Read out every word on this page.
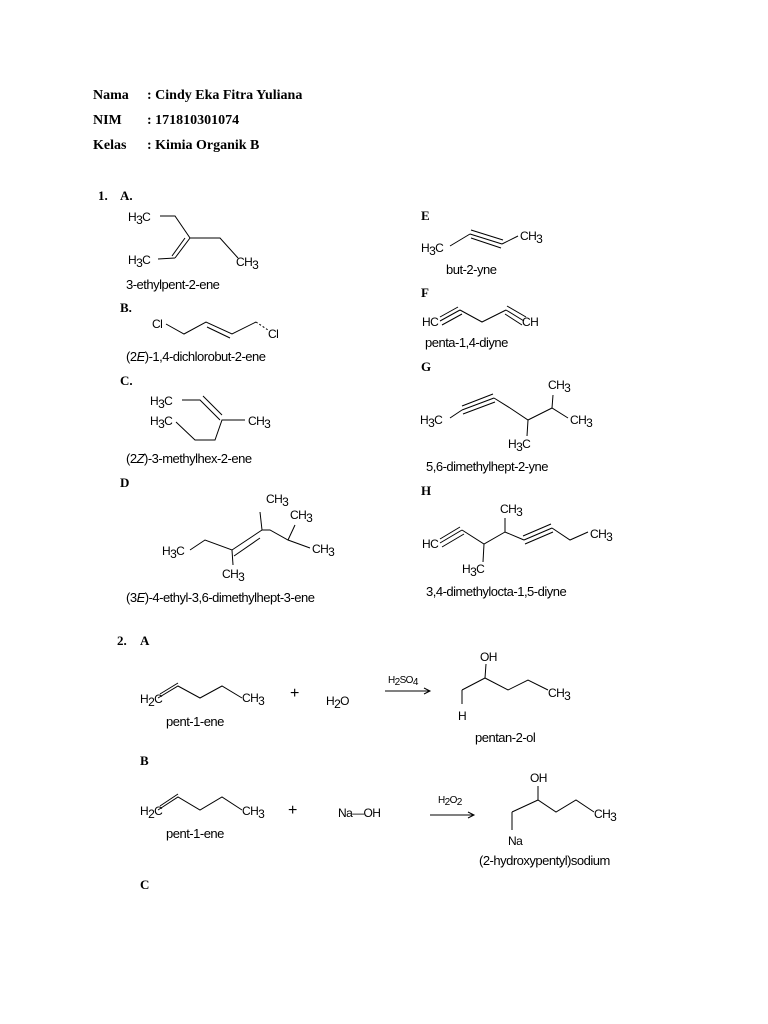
Nama : Cindy Eka Fitra Yuliana
NIM : 171810301074
Kelas : Kimia Organik B
1. A.
B.
C.
D
E
F
G
H
2. A
B
C
3-ethylpent-2-ene
(2E)-1,4-dichlorobut-2-ene
(2Z)-3-methylhex-2-ene
(3E)-4-ethyl-3,6-dimethylhept-3-ene
but-2-yne
penta-1,4-diyne
5,6-dimethylhept-2-yne
3,4-dimethylocta-1,5-diyne
pent-1-ene
pentan-2-ol
pent-1-ene
(2-hydroxypentyl)sodium
H3C
H3C	CH3
Cl
Cl
H3C
H3C	CH3
CH3
CH3
H3C
CH3
CH3
H3C
CH3
HC	CH
CH3
H3C
H3C
CH3
CH3
HC
H3C
CH3
H2C	CH3 + H2O
H2SO4
OH
H
CH3
H2C	CH3 +	Na—OH
H2O2
OH
Na
CH3
